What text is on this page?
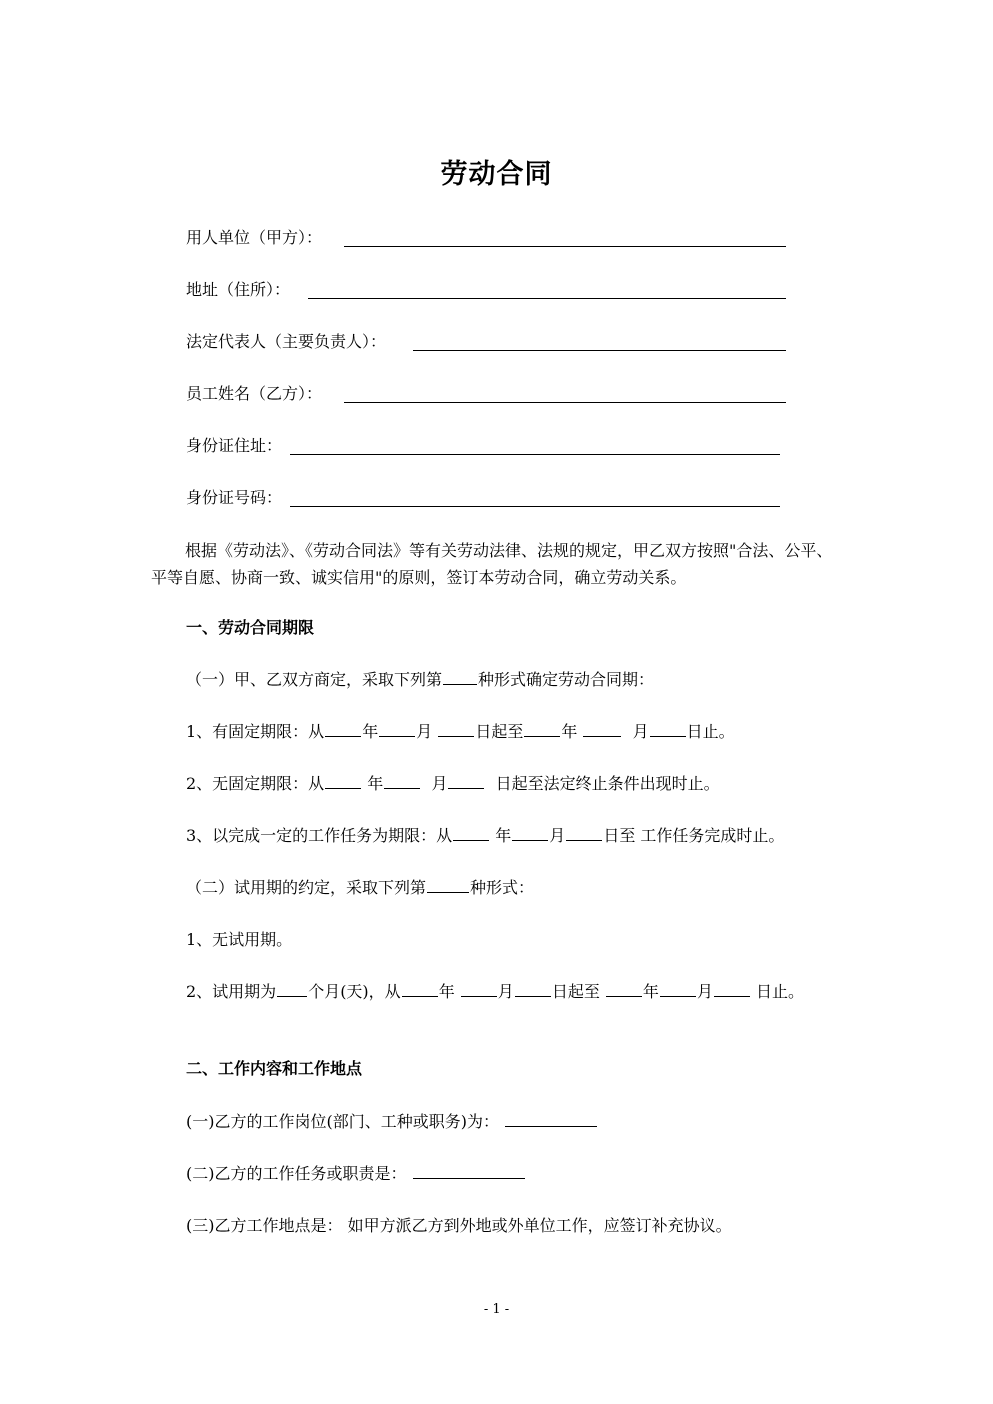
劳动合同
用人单位（甲方）：
地址（住所）：
法定代表人（主要负责人）：
员工姓名（乙方）：
身份证住址：
身份证号码：
根据《劳动法》、《劳动合同法》等有关劳动法律、法规的规定，甲乙双方按照"合法、公平、平等自愿、协商一致、诚实信用"的原则，签订本劳动合同，确立劳动关系。
一、劳动合同期限
（一）甲、乙双方商定，采取下列第 种形式确定劳动合同期：
1、有固定期限：从 年 月	日起至 年	月 日止。
2、无固定期限：从	年	月	日起至法定终止条件出现时止。
3、以完成一定的工作任务为期限：从	年 月 日至 工作任务完成时止。
（二）试用期的约定，采取下列第	种形式：
1、无试用期。
2、试用期为 个月(天)，从 年	月 日起至	年 月	日止。
二、工作内容和工作地点
(一)乙方的工作岗位(部门、工种或职务)为：
(二)乙方的工作任务或职责是：
(三)乙方工作地点是： 如甲方派乙方到外地或外单位工作，应签订补充协议。
- 1 -
